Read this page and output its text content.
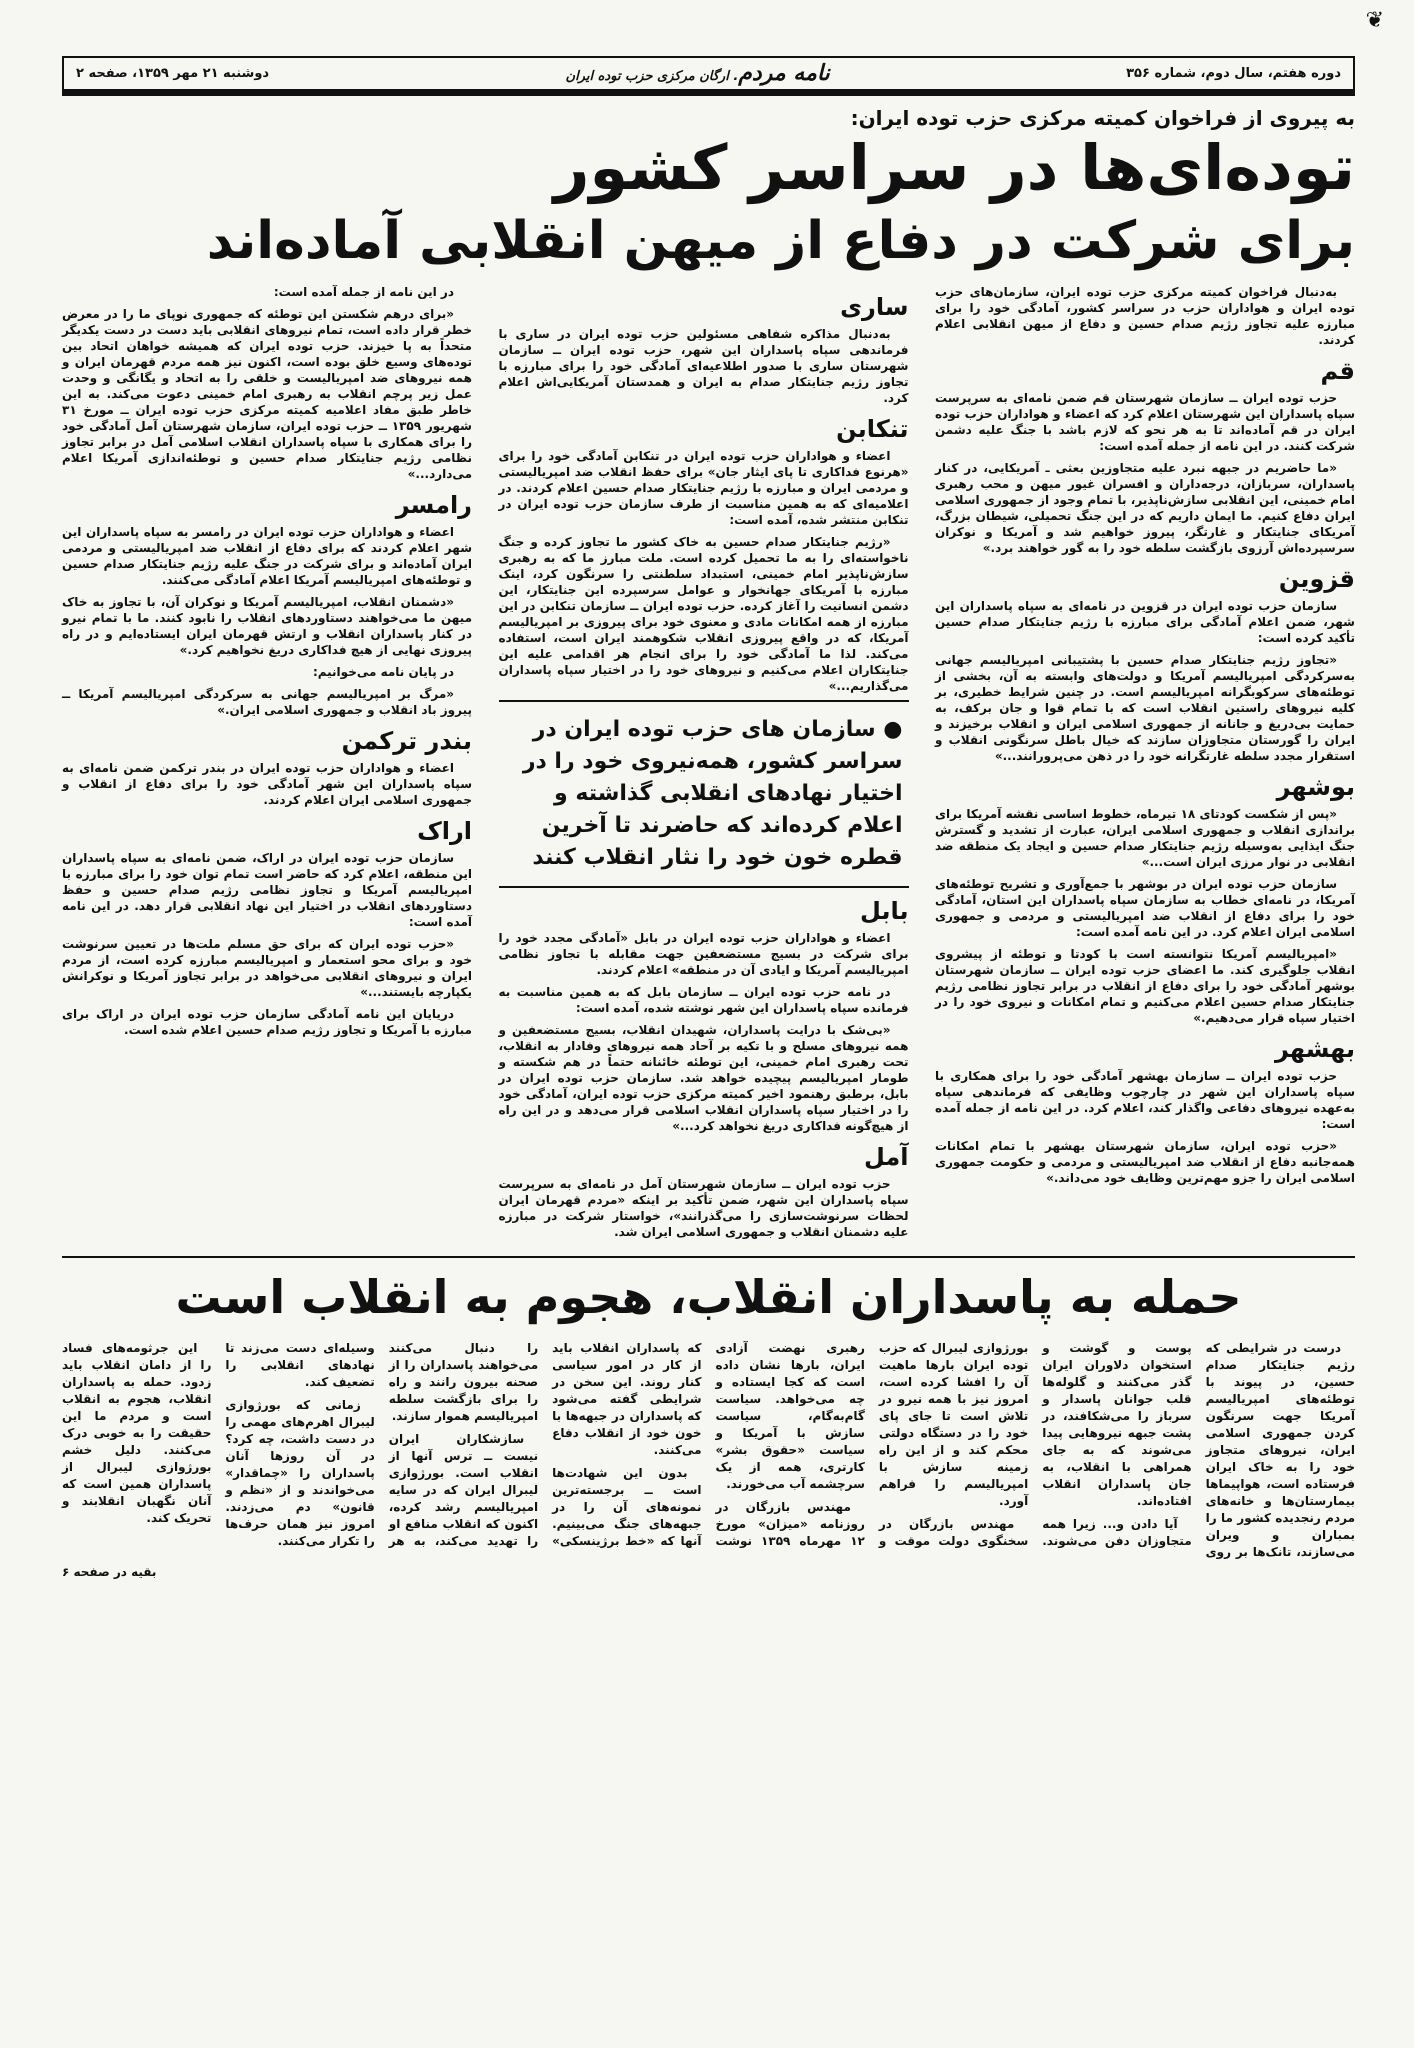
❦
دوره هفتم، سال دوم، شماره ۳۵۶
نامه مردم. ارگان مرکزی حزب توده ایران
دوشنبه ۲۱ مهر ۱۳۵۹، صفحه ۲
به پیروی از فراخوان کمیته مرکزی حزب توده ایران:
توده‌ای‌ها در سراسر کشور
برای شرکت در دفاع از میهن انقلابی آماده‌اند

به‌دنبال فراخوان کمیته مرکزی حزب توده ایران، سازمان‌های حزب توده ایران و هواداران حزب در سراسر کشور، آمادگی خود را برای مبارزه علیه تجاوز رژیم صدام حسین و دفاع از میهن انقلابی اعلام کردند.

قم

حزب توده ایران ــ سازمان شهرستان قم ضمن نامه‌ای به سرپرست سپاه پاسداران این شهرستان اعلام کرد که اعضاء و هواداران حزب توده ایران در قم آماده‌اند تا به هر نحو که لازم باشد با جنگ علیه دشمن شرکت کنند. در این نامه از جمله آمده است:

«ما حاضریم در جبهه نبرد علیه متجاوزین بعثی ـ آمریکایی، در کنار پاسداران، سربازان، درجه‌داران و افسران غیور میهن و محب رهبری امام خمینی، این انقلابی سازش‌ناپذیر، با تمام وجود از جمهوری اسلامی ایران دفاع کنیم. ما ایمان داریم که در این جنگ تحمیلی، شیطان بزرگ، آمریکای جنایتکار و غارتگر، پیروز خواهیم شد و آمریکا و نوکران سرسپرده‌اش آرزوی بازگشت سلطه خود را به گور خواهند برد.»

قزوین

سازمان حزب توده ایران در قزوین در نامه‌ای به سپاه پاسداران این شهر، ضمن اعلام آمادگی برای مبارزه با رژیم جنایتکار صدام حسین تأکید کرده است:

«تجاوز رژیم جنایتکار صدام حسین با پشتیبانی امپریالیسم جهانی به‌سرکردگی امپریالیسم آمریکا و دولت‌های وابسته به آن، بخشی از توطئه‌های سرکوبگرانه امپریالیسم است. در چنین شرایط خطیری، بر کلیه نیروهای راستین انقلاب است که با تمام قوا و جان برکف، به حمایت بی‌دریغ و جانانه از جمهوری اسلامی ایران و انقلاب برخیزند و ایران را گورستان متجاوزان سازند که خیال باطل سرنگونی انقلاب و استقرار مجدد سلطه غارتگرانه خود را در ذهن می‌پرورانند...»

بوشهر

«پس از شکست کودتای ۱۸ تیرماه، خطوط اساسی نقشه آمریکا برای براندازی انقلاب و جمهوری اسلامی ایران، عبارت از تشدید و گسترش جنگ ایذایی به‌وسیله رژیم جنایتکار صدام حسین و ایجاد یک منطقه ضد انقلابی در نوار مرزی ایران است...»

سازمان حزب توده ایران در بوشهر با جمع‌آوری و تشریح توطئه‌های آمریکا، در نامه‌ای خطاب به سازمان سپاه پاسداران این استان، آمادگی خود را برای دفاع از انقلاب ضد امپریالیستی و مردمی و جمهوری اسلامی ایران اعلام کرد. در این نامه آمده است:

«امپریالیسم آمریکا نتوانسته است با کودتا و توطئه از پیشروی انقلاب جلوگیری کند. ما اعضای حزب توده ایران ــ سازمان شهرستان بوشهر آمادگی خود را برای دفاع از انقلاب در برابر تجاوز نظامی رژیم جنایتکار صدام حسین اعلام می‌کنیم و تمام امکانات و نیروی خود را در اختیار سپاه قرار می‌دهیم.»

بهشهر

حزب توده ایران ــ سازمان بهشهر آمادگی خود را برای همکاری با سپاه پاسداران این شهر در چارچوب وظایفی که فرماندهی سپاه به‌عهده نیروهای دفاعی واگذار کند، اعلام کرد. در این نامه از جمله آمده است:

«حزب توده ایران، سازمان شهرستان بهشهر با تمام امکانات همه‌جانبه دفاع از انقلاب ضد امپریالیستی و مردمی و حکومت جمهوری اسلامی ایران را جزو مهم‌ترین وظایف خود می‌داند.»

ساری

به‌دنبال مذاکره شفاهی مسئولین حزب توده ایران در ساری با فرماندهی سپاه پاسداران این شهر، حزب توده ایران ــ سازمان شهرستان ساری با صدور اطلاعیه‌ای آمادگی خود را برای مبارزه با تجاوز رژیم جنایتکار صدام به ایران و همدستان آمریکایی‌اش اعلام کرد.

تنکابن

اعضاء و هواداران حزب توده ایران در تنکابن آمادگی خود را برای «هرنوع فداکاری تا پای ایثار جان» برای حفظ انقلاب ضد امپریالیستی و مردمی ایران و مبارزه با رژیم جنایتکار صدام حسین اعلام کردند. در اعلامیه‌ای که به همین مناسبت از طرف سازمان حزب توده ایران در تنکابن منتشر شده، آمده است:

«رژیم جنایتکار صدام حسین به خاک کشور ما تجاوز کرده و جنگ ناخواسته‌ای را به ما تحمیل کرده است. ملت مبارز ما که به رهبری سازش‌ناپذیر امام خمینی، استبداد سلطنتی را سرنگون کرد، اینک مبارزه با آمریکای جهانخوار و عوامل سرسپرده این جنایتکار، این دشمن انسانیت را آغاز کرده. حزب توده ایران ــ سازمان تنکابن در این مبارزه از همه امکانات مادی و معنوی خود برای پیروزی بر امپریالیسم آمریکا، که در واقع پیروزی انقلاب شکوهمند ایران است، استفاده می‌کند. لذا ما آمادگی خود را برای انجام هر اقدامی علیه این جنایتکاران اعلام می‌کنیم و نیروهای خود را در اختیار سپاه پاسداران می‌گذاریم...»

● سازمان های حزب توده ایران در سراسر کشور، همه‌نیروی خود را در اختیار نهادهای انقلابی گذاشته و اعلام کرده‌اند که حاضرند تا آخرین قطره خون خود را نثار انقلاب کنند

بابل

اعضاء و هواداران حزب توده ایران در بابل «آمادگی مجدد خود را برای شرکت در بسیج مستضعفین جهت مقابله با تجاوز نظامی امپریالیسم آمریکا و ایادی آن در منطقه» اعلام کردند.

در نامه حزب توده ایران ــ سازمان بابل که به همین مناسبت به فرمانده سپاه پاسداران این شهر نوشته شده، آمده است:

«بی‌شک با درایت پاسداران، شهیدان انقلاب، بسیج مستضعفین و همه نیروهای مسلح و با تکیه بر آحاد همه نیروهای وفادار به انقلاب، تحت رهبری امام خمینی، این توطئه خائنانه حتماً در هم شکسته و طومار امپریالیسم پیچیده خواهد شد. سازمان حزب توده ایران در بابل، برطبق رهنمود اخیر کمیته مرکزی حزب توده ایران، آمادگی خود را در اختیار سپاه پاسداران انقلاب اسلامی قرار می‌دهد و در این راه از هیچ‌گونه فداکاری دریغ نخواهد کرد...»

آمل

حزب توده ایران ــ سازمان شهرستان آمل در نامه‌ای به سرپرست سپاه پاسداران این شهر، ضمن تأکید بر اینکه «مردم قهرمان ایران لحظات سرنوشت‌سازی را می‌گذرانند»، خواستار شرکت در مبارزه علیه دشمنان انقلاب و جمهوری اسلامی ایران شد.

در این نامه از جمله آمده است:

«برای درهم شکستن این توطئه که جمهوری نوپای ما را در معرض خطر قرار داده است، تمام نیروهای انقلابی باید دست در دست یکدیگر متحداً به پا خیزند. حزب توده ایران که همیشه خواهان اتحاد بین توده‌های وسیع خلق بوده است، اکنون نیز همه مردم قهرمان ایران و همه نیروهای ضد امپریالیست و خلقی را به اتحاد و یگانگی و وحدت عمل زیر پرچم انقلاب به رهبری امام خمینی دعوت می‌کند. به این خاطر طبق مفاد اعلامیه کمیته مرکزی حزب توده ایران ــ مورخ ۳۱ شهریور ۱۳۵۹ ــ حزب توده ایران، سازمان شهرستان آمل آمادگی خود را برای همکاری با سپاه پاسداران انقلاب اسلامی آمل در برابر تجاوز نظامی رژیم جنایتکار صدام حسین و توطئه‌اندازی آمریکا اعلام می‌دارد...»

رامسر

اعضاء و هواداران حزب توده ایران در رامسر به سپاه پاسداران این شهر اعلام کردند که برای دفاع از انقلاب ضد امپریالیستی و مردمی ایران آماده‌اند و برای شرکت در جنگ علیه رژیم جنایتکار صدام حسین و توطئه‌های امپریالیسم آمریکا اعلام آمادگی می‌کنند.

«دشمنان انقلاب، امپریالیسم آمریکا و نوکران آن، با تجاوز به خاک میهن ما می‌خواهند دستاوردهای انقلاب را نابود کنند. ما با تمام نیرو در کنار پاسداران انقلاب و ارتش قهرمان ایران ایستاده‌ایم و در راه پیروزی نهایی از هیچ فداکاری دریغ نخواهیم کرد.»

در پایان نامه می‌خوانیم:

«مرگ بر امپریالیسم جهانی به سرکردگی امپریالیسم آمریکا ــ پیروز باد انقلاب و جمهوری اسلامی ایران.»

بندر ترکمن

اعضاء و هواداران حزب توده ایران در بندر ترکمن ضمن نامه‌ای به سپاه پاسداران این شهر آمادگی خود را برای دفاع از انقلاب و جمهوری اسلامی ایران اعلام کردند.

اراک

سازمان حزب توده ایران در اراک، ضمن نامه‌ای به سپاه پاسداران این منطقه، اعلام کرد که حاضر است تمام توان خود را برای مبارزه با امپریالیسم آمریکا و تجاوز نظامی رژیم صدام حسین و حفظ دستاوردهای انقلاب در اختیار این نهاد انقلابی قرار دهد. در این نامه آمده است:

«حزب توده ایران که برای حق مسلم ملت‌ها در تعیین سرنوشت خود و برای محو استعمار و امپریالیسم مبارزه کرده است، از مردم ایران و نیروهای انقلابی می‌خواهد در برابر تجاوز آمریکا و نوکرانش یکپارچه بایستند...»

دریایان این نامه آمادگی سازمان حزب توده ایران در اراک برای مبارزه با آمریکا و تجاوز رژیم صدام حسین اعلام شده است.

حمله به پاسداران انقلاب، هجوم به انقلاب است

درست در شرایطی که رژیم جنایتکار صدام حسین، در پیوند با توطئه‌های امپریالیسم آمریکا جهت سرنگون کردن جمهوری اسلامی ایران، نیروهای متجاوز خود را به خاک ایران فرستاده است، هواپیماها بیمارستان‌ها و خانه‌های مردم رنجدیده کشور ما را بمباران و ویران می‌سازند، تانک‌ها بر روی پوست و گوشت و استخوان دلاوران ایران گذر می‌کنند و گلوله‌ها قلب جوانان پاسدار و سرباز را می‌شکافند، در پشت جبهه نیروهایی پیدا می‌شوند که به جای همراهی با انقلاب، به جان پاسداران انقلاب افتاده‌اند.

آیا دادن و... زیرا همه متجاوزان دفن می‌شوند. بورژوازی لیبرال که حزب توده ایران بارها ماهیت آن را افشا کرده است، امروز نیز با همه نیرو در تلاش است تا جای پای خود را در دستگاه دولتی محکم کند و از این راه زمینه سازش با امپریالیسم را فراهم آورد.

مهندس بازرگان در سخنگوی دولت موقت و رهبری نهضت آزادی ایران، بارها نشان داده است که کجا ایستاده و چه می‌خواهد. سیاست گام‌به‌گام، سیاست سازش با آمریکا و سیاست «حقوق بشر» کارتری، همه از یک سرچشمه آب می‌خورند.

مهندس بازرگان در روزنامه «میزان» مورخ ۱۲ مهرماه ۱۳۵۹ نوشت که پاسداران انقلاب باید از کار در امور سیاسی کنار روند. این سخن در شرایطی گفته می‌شود که پاسداران در جبهه‌ها با خون خود از انقلاب دفاع می‌کنند.

بدون این شهادت‌ها است ــ برجسته‌ترین نمونه‌های آن را در جبهه‌های جنگ می‌بینیم. آنها که «خط برژینسکی» را دنبال می‌کنند می‌خواهند پاسداران را از صحنه بیرون رانند و راه را برای بازگشت سلطه امپریالیسم هموار سازند.

سازشکاران ایران نیست ــ ترس آنها از انقلاب است. بورژوازی لیبرال ایران که در سایه امپریالیسم رشد کرده، اکنون که انقلاب منافع او را تهدید می‌کند، به هر وسیله‌ای دست می‌زند تا نهادهای انقلابی را تضعیف کند.

زمانی که بورژوازی لیبرال اهرم‌های مهمی را در دست داشت، چه کرد؟ در آن روزها آنان پاسداران را «چماقدار» می‌خواندند و از «نظم و قانون» دم می‌زدند. امروز نیز همان حرف‌ها را تکرار می‌کنند.

این جرثومه‌های فساد را از دامان انقلاب باید زدود. حمله به پاسداران انقلاب، هجوم به انقلاب است و مردم ما این حقیقت را به خوبی درک می‌کنند. دلیل خشم بورژوازی لیبرال از پاسداران همین است که آنان نگهبان انقلابند و تحریک کند.

بقیه در صفحه ۶
